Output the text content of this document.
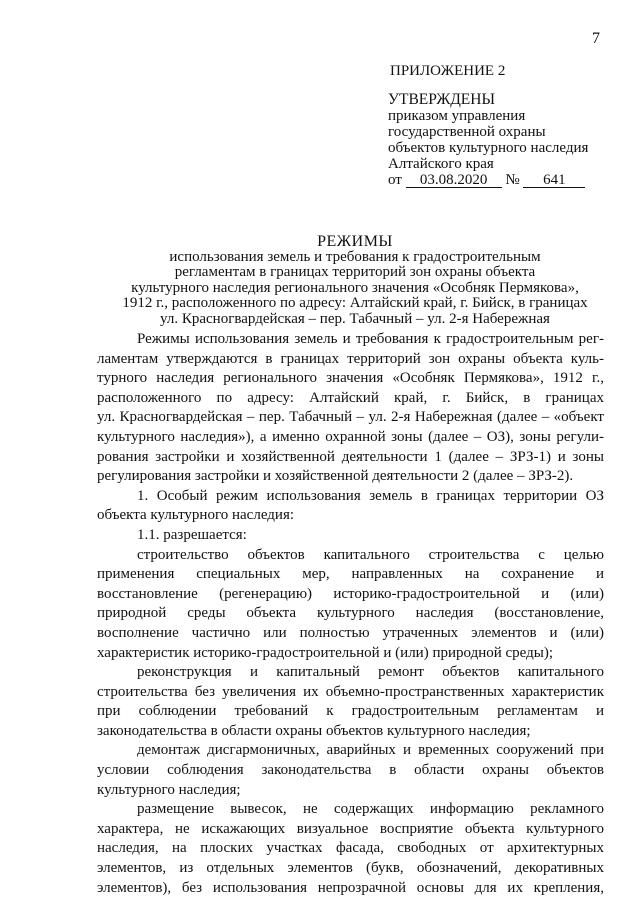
7
ПРИЛОЖЕНИЕ 2
УТВЕРЖДЕНЫ
приказом управления
государственной охраны
объектов культурного наследия
Алтайского края
от 03.08.2020 № 641
РЕЖИМЫ
использования земель и требования к градостроительным
регламентам в границах территорий зон охраны объекта
культурного наследия регионального значения «Особняк Пермякова»,
1912 г., расположенного по адресу: Алтайский край, г. Бийск, в границах
ул. Красногвардейская – пер. Табачный – ул. 2-я Набережная
Режимы использования земель и требования к градостроительным рег-
ламентам утверждаются в границах территорий зон охраны объекта куль-
турного наследия регионального значения «Особняк Пермякова», 1912 г.,
расположенного по адресу: Алтайский край, г. Бийск, в границах
ул. Красногвардейская – пер. Табачный – ул. 2-я Набережная (далее – «объект
культурного наследия»), а именно охранной зоны (далее – ОЗ), зоны регули-
рования застройки и хозяйственной деятельности 1 (далее – ЗРЗ-1) и зоны
регулирования застройки и хозяйственной деятельности 2 (далее – ЗРЗ-2).
1. Особый режим использования земель в границах территории ОЗ
объекта культурного наследия:
1.1. разрешается:
строительство объектов капитального строительства с целью
применения специальных мер, направленных на сохранение и
восстановление (регенерацию) историко-градостроительной и (или)
природной среды объекта культурного наследия (восстановление,
восполнение частично или полностью утраченных элементов и (или)
характеристик историко-градостроительной и (или) природной среды);
реконструкция и капитальный ремонт объектов капитального
строительства без увеличения их объемно-пространственных характеристик
при соблюдении требований к градостроительным регламентам и
законодательства в области охраны объектов культурного наследия;
демонтаж дисгармоничных, аварийных и временных сооружений при
условии соблюдения законодательства в области охраны объектов
культурного наследия;
размещение вывесок, не содержащих информацию рекламного
характера, не искажающих визуальное восприятие объекта культурного
наследия, на плоских участках фасада, свободных от архитектурных
элементов, из отдельных элементов (букв, обозначений, декоративных
элементов), без использования непрозрачной основы для их крепления,
